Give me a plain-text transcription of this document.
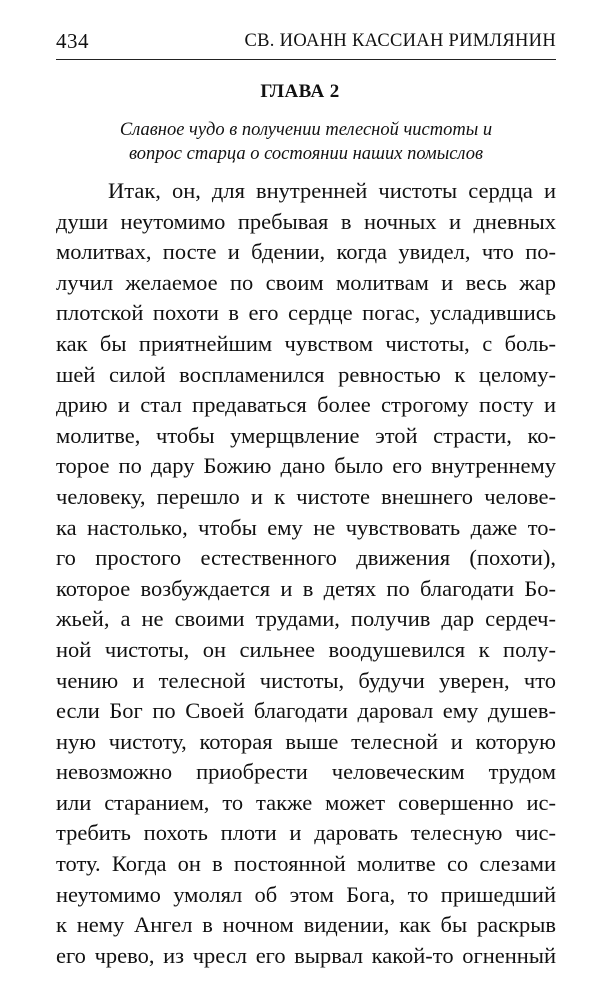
434	СВ. ИОАНН КАССИАН РИМЛЯНИН
ГЛАВА 2
Славное чудо в получении телесной чистоты и
вопрос старца о состоянии наших помыслов
Итак, он, для внутренней чистоты сердца и
души неутомимо пребывая в ночных и дневных
молитвах, посте и бдении, когда увидел, что по-
лучил желаемое по своим молитвам и весь жар
плотской похоти в его сердце погас, усладившись
как бы приятнейшим чувством чистоты, с боль-
шей силой воспламенился ревностью к целому-
дрию и стал предаваться более строгому посту и
молитве, чтобы умерщвление этой страсти, ко-
торое по дару Божию дано было его внутреннему
человеку, перешло и к чистоте внешнего челове-
ка настолько, чтобы ему не чувствовать даже то-
го простого естественного движения (похоти),
которое возбуждается и в детях по благодати Бо-
жьей, а не своими трудами, получив дар сердеч-
ной чистоты, он сильнее воодушевился к полу-
чению и телесной чистоты, будучи уверен, что
если Бог по Своей благодати даровал ему душев-
ную чистоту, которая выше телесной и которую
невозможно приобрести человеческим трудом
или старанием, то также может совершенно ис-
требить похоть плоти и даровать телесную чис-
тоту. Когда он в постоянной молитве со слезами
неутомимо умолял об этом Бога, то пришедший
к нему Ангел в ночном видении, как бы раскрыв
его чрево, из чресл его вырвал какой-то огненный
